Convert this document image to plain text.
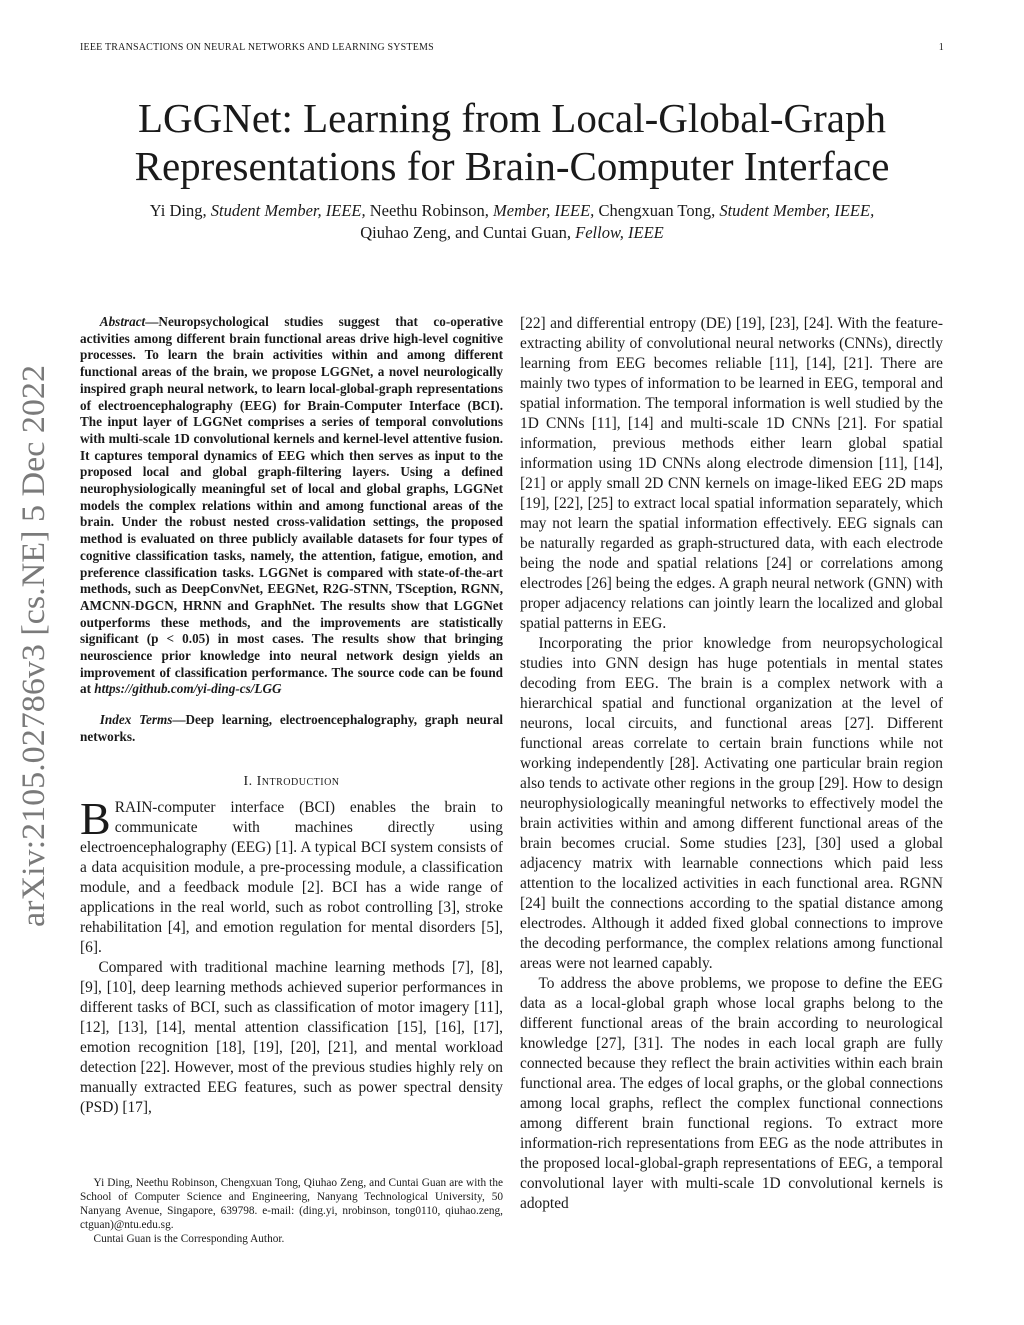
IEEE TRANSACTIONS ON NEURAL NETWORKS AND LEARNING SYSTEMS	1
arXiv:2105.02786v3 [cs.NE] 5 Dec 2022
LGGNet: Learning from Local-Global-Graph
Representations for Brain-Computer Interface
Yi Ding, Student Member, IEEE, Neethu Robinson, Member, IEEE, Chengxuan Tong, Student Member, IEEE,
Qiuhao Zeng, and Cuntai Guan, Fellow, IEEE

Abstract—Neuropsychological studies suggest that co-operative activities among different brain functional areas drive high-level cognitive processes. To learn the brain activities within and among different functional areas of the brain, we propose LGGNet, a novel neurologically inspired graph neural network, to learn local-global-graph representations of electroencephalography (EEG) for Brain-Computer Interface (BCI). The input layer of LGGNet comprises a series of temporal convolutions with multi-scale 1D convolutional kernels and kernel-level attentive fusion. It captures temporal dynamics of EEG which then serves as input to the proposed local and global graph-filtering layers. Using a defined neurophysiologically meaningful set of local and global graphs, LGGNet models the complex relations within and among functional areas of the brain. Under the robust nested cross-validation settings, the proposed method is evaluated on three publicly available datasets for four types of cognitive classification tasks, namely, the attention, fatigue, emotion, and preference classification tasks. LGGNet is compared with state-of-the-art methods, such as DeepConvNet, EEGNet, R2G-STNN, TSception, RGNN, AMCNN-DGCN, HRNN and GraphNet. The results show that LGGNet outperforms these methods, and the improvements are statistically significant (p < 0.05) in most cases. The results show that bringing neuroscience prior knowledge into neural network design yields an improvement of classification performance. The source code can be found at https://github.com/yi-ding-cs/LGG

Index Terms—Deep learning, electroencephalography, graph neural networks.

I. Introduction

BRAIN-computer interface (BCI) enables the brain to communicate with machines directly using electroencephalography (EEG) [1]. A typical BCI system consists of a data acquisition module, a pre-processing module, a classification module, and a feedback module [2]. BCI has a wide range of applications in the real world, such as robot controlling [3], stroke rehabilitation [4], and emotion regulation for mental disorders [5], [6].

Compared with traditional machine learning methods [7], [8], [9], [10], deep learning methods achieved superior performances in different tasks of BCI, such as classification of motor imagery [11], [12], [13], [14], mental attention classification [15], [16], [17], emotion recognition [18], [19], [20], [21], and mental workload detection [22]. However, most of the previous studies highly rely on manually extracted EEG features, such as power spectral density (PSD) [17],

Yi Ding, Neethu Robinson, Chengxuan Tong, Qiuhao Zeng, and Cuntai Guan are with the School of Computer Science and Engineering, Nanyang Technological University, 50 Nanyang Avenue, Singapore, 639798. e-mail: (ding.yi, nrobinson, tong0110, qiuhao.zeng, ctguan)@ntu.edu.sg.

Cuntai Guan is the Corresponding Author.

[22] and differential entropy (DE) [19], [23], [24]. With the feature-extracting ability of convolutional neural networks (CNNs), directly learning from EEG becomes reliable [11], [14], [21]. There are mainly two types of information to be learned in EEG, temporal and spatial information. The temporal information is well studied by the 1D CNNs [11], [14] and multi-scale 1D CNNs [21]. For spatial information, previous methods either learn global spatial information using 1D CNNs along electrode dimension [11], [14], [21] or apply small 2D CNN kernels on image-liked EEG 2D maps [19], [22], [25] to extract local spatial information separately, which may not learn the spatial information effectively. EEG signals can be naturally regarded as graph-structured data, with each electrode being the node and spatial relations [24] or correlations among electrodes [26] being the edges. A graph neural network (GNN) with proper adjacency relations can jointly learn the localized and global spatial patterns in EEG.

Incorporating the prior knowledge from neuropsychological studies into GNN design has huge potentials in mental states decoding from EEG. The brain is a complex network with a hierarchical spatial and functional organization at the level of neurons, local circuits, and functional areas [27]. Different functional areas correlate to certain brain functions while not working independently [28]. Activating one particular brain region also tends to activate other regions in the group [29]. How to design neurophysiologically meaningful networks to effectively model the brain activities within and among different functional areas of the brain becomes crucial. Some studies [23], [30] used a global adjacency matrix with learnable connections which paid less attention to the localized activities in each functional area. RGNN [24] built the connections according to the spatial distance among electrodes. Although it added fixed global connections to improve the decoding performance, the complex relations among functional areas were not learned capably.

To address the above problems, we propose to define the EEG data as a local-global graph whose local graphs belong to the different functional areas of the brain according to neurological knowledge [27], [31]. The nodes in each local graph are fully connected because they reflect the brain activities within each brain functional area. The edges of local graphs, or the global connections among local graphs, reflect the complex functional connections among different brain functional regions. To extract more information-rich representations from EEG as the node attributes in the proposed local-global-graph representations of EEG, a temporal convolutional layer with multi-scale 1D convolutional kernels is adopted
